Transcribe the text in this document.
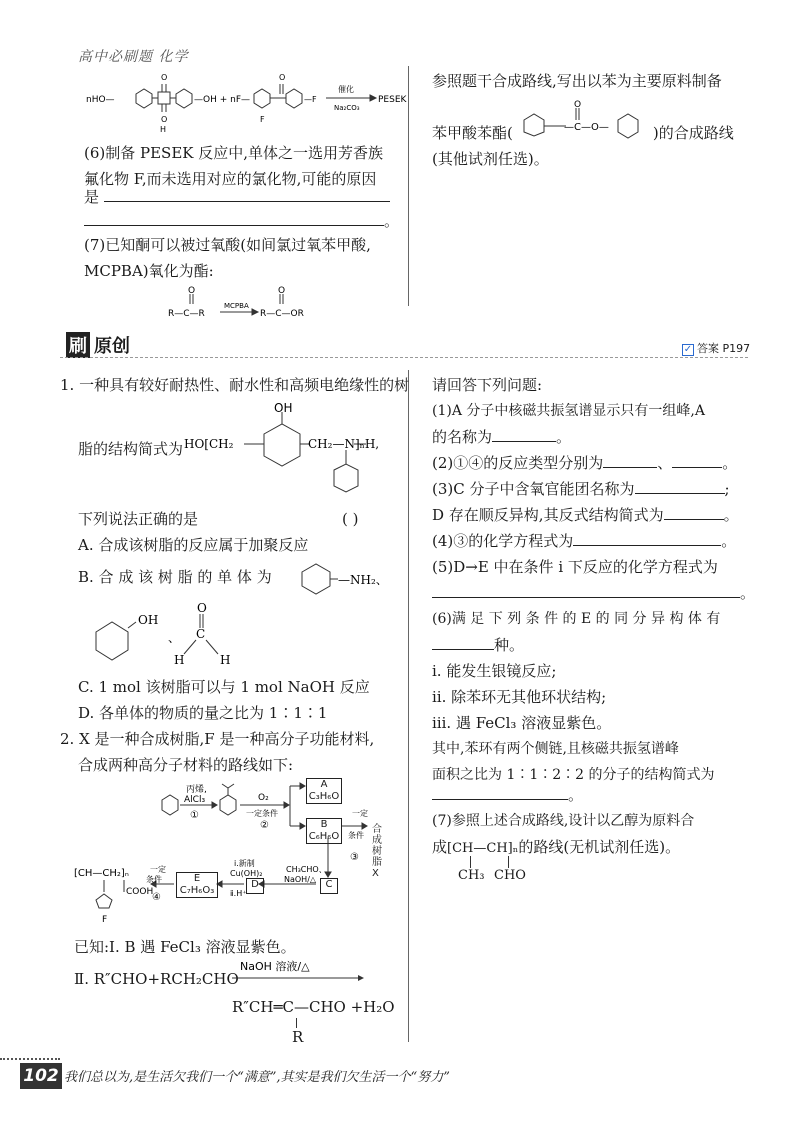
高中必刷题 化学
nHO—	—OH + nF—
O
O
H
O
—F
F
催化
Na₂CO₃
PESEK
(6)制备 PESEK 反应中,单体之一选用芳香族
氟化物 F,而未选用对应的氯化物,可能的原因
是
。
(7)已知酮可以被过氧酸(如间氯过氧苯甲酸,
MCPBA)氧化为酯:
O	O
R—C—R
MCPBA
R—C—OR
参照题干合成路线,写出以苯为主要原料制备
苯甲酸苯酯(	)的合成路线
O
—C—O—
(其他试剂任选)。
刷 原创	✓ 答案 P197
1. 一种具有较好耐热性、耐水性和高频电绝缘性的树
脂的结构简式为
OH
HO[CH₂	CH₂—N]ₙH,
下列说法正确的是	( )
A. 合成该树脂的反应属于加聚反应
B. 合 成 该 树 脂 的 单 体 为	—NH₂、
OH
、
O
C
H	H
C. 1 mol 该树脂可以与 1 mol NaOH 反应
D. 各单体的物质的量之比为 1∶1∶1
2. X 是一种合成树脂,F 是一种高分子功能材料,
合成两种高分子材料的路线如下:
丙烯,
AlCl₃
①
O₂
一定条件
②
一定
条件
③
CH₃CHO、
NaOH/△
ⅰ.新制
Cu(OH)₂
ⅱ.H⁺
一定
条件
④
A
C₃H₆O
B
C₆H₆O
合成树脂X
C
D
E
C₇H₆O₃
[CH—CH₂]ₙ
COOH
F
已知:Ⅰ. B 遇 FeCl₃ 溶液显紫色。
Ⅱ. R″CHO+RCH₂CHO
NaOH 溶液/△
R″CH═C—CHO +H₂O
R
请回答下列问题:
(1)A 分子中核磁共振氢谱显示只有一组峰,A
的名称为	。
(2)①④的反应类型分别为	、	。
(3)C 分子中含氧官能团名称为	;
D 存在顺反异构,其反式结构简式为	。
(4)③的化学方程式为	。
(5)D→E 中在条件 ⅰ 下反应的化学方程式为
。
(6)满 足 下 列 条 件 的 E 的 同 分 异 构 体 有
种。
ⅰ. 能发生银镜反应;
ⅱ. 除苯环无其他环状结构;
ⅲ. 遇 FeCl₃ 溶液显紫色。
其中,苯环有两个侧链,且核磁共振氢谱峰
面积之比为 1∶1∶2∶2 的分子的结构简式为
。
(7)参照上述合成路线,设计以乙醇为原料合
成[CH—CH]ₙ的路线(无机试剂任选)。
CH₃ CHO
102 我们总以为,是生活欠我们一个“满意”,其实是我们欠生活一个“努力”
